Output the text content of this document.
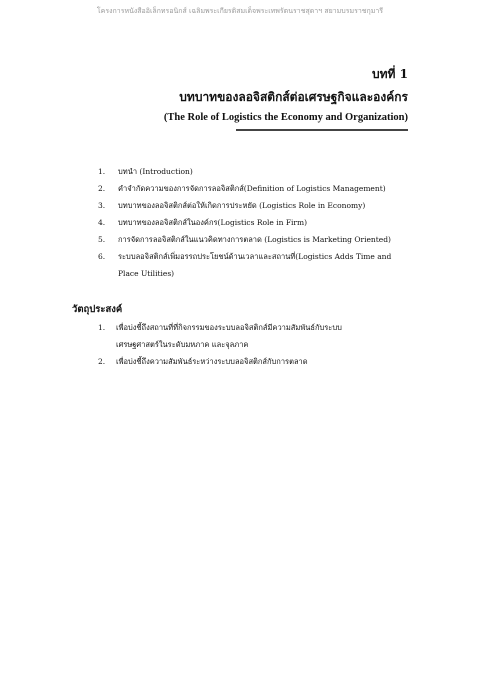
โครงการหนังสืออิเล็กทรอนิกส์ เฉลิมพระเกียรติสมเด็จพระเทพรัตนราชสุดาฯ สยามบรมราชกุมารี
บทที่ 1
บทบาทของลอจิสติกส์ต่อเศรษฐกิจและองค์กร
(The Role of Logistics the Economy and Organization)
1.	บทนำ (Introduction)
2.	คำจำกัดความของการจัดการลอจิสติกส์(Definition of Logistics Management)
3.	บทบาทของลอจิสติกส์ต่อให้เกิดการประหยัด (Logistics Role in Economy)
4.	บทบาทของลอจิสติกส์ในองค์กร(Logistics Role in Firm)
5.	การจัดการลอจิสติกส์ในแนวคิดทางการตลาด (Logistics is Marketing Oriented)
6.	ระบบลอจิสติกส์เพิ่มอรรถประโยชน์ด้านเวลาและสถานที่(Logistics Adds Time and
Place Utilities)
วัตถุประสงค์
1.	เพื่อบ่งชี้ถึงสถานที่ที่กิจกรรมของระบบลอจิสติกส์มีความสัมพันธ์กับระบบ
เศรษฐศาสตร์ในระดับมหภาค และจุลภาค
2.	เพื่อบ่งชี้ถึงความสัมพันธ์ระหว่างระบบลอจิสติกส์กับการตลาด
